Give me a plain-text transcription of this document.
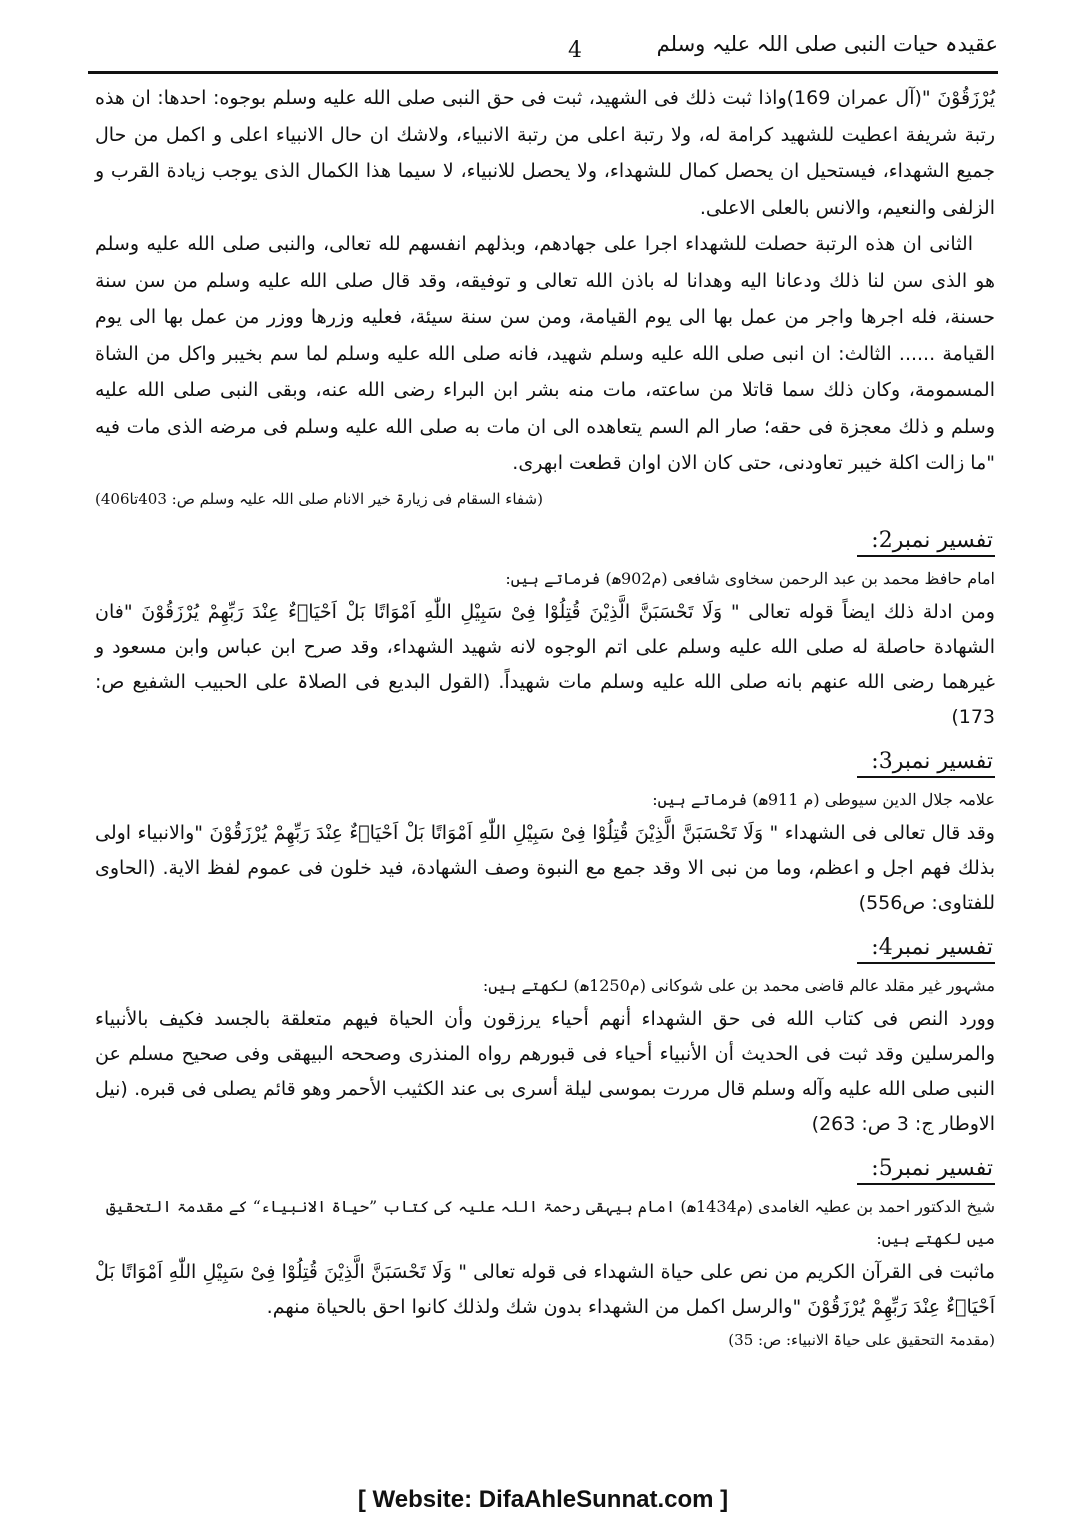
عقیدہ حیات النبی صلی اللہ علیہ وسلم
4

یُرْزَقُوْنَ "(آل عمران 169)واذا ثبت ذلك فی الشهید، ثبت فی حق النبی صلی الله علیه وسلم بوجوه: احدها: ان هذه رتبة شریفة اعطیت للشهید کرامة له، ولا رتبة اعلى من رتبة الانبیاء، ولاشك ان حال الانبیاء اعلى و اکمل من حال جمیع الشهداء، فیستحیل ان یحصل کمال للشهداء، ولا یحصل للانبیاء، لا سیما هذا الکمال الذی یوجب زیادة القرب و الزلفى والنعیم، والانس بالعلی الاعلی.

الثانی ان هذه الرتبة حصلت للشهداء اجرا على جهادهم، وبذلهم انفسهم لله تعالى، والنبی صلی الله علیه وسلم هو الذی سن لنا ذلك ودعانا الیه وهدانا له باذن الله تعالى و توفیقه، وقد قال صلی الله علیه وسلم من سن سنة حسنة، فله اجرها واجر من عمل بها الى یوم القیامة، ومن سن سنة سیئة، فعلیه وزرها ووزر من عمل بها الى یوم القیامة ...... الثالث: ان انبی صلی الله علیه وسلم شهید، فانه صلی الله علیه وسلم لما سم بخیبر واکل من الشاة المسمومة، وکان ذلك سما قاتلا من ساعته، مات منه بشر ابن البراء رضی الله عنه، وبقی النبی صلی الله علیه وسلم و ذلك معجزة فی حقه؛ صار الم السم یتعاهده الى ان مات به صلی الله علیه وسلم فی مرضه الذی مات فیه "ما زالت اکلة خیبر تعاودنی، حتى کان الان اوان قطعت ابهری.

(شفاء السقام فی زیارۃ خیر الانام صلی اللہ علیہ وسلم ص: 403تا406)

تفسیر نمبر2:

امام حافظ محمد بن عبد الرحمن سخاوی شافعی (م902ھ) فرماتے ہیں:

ومن ادلة ذلك ایضاً قوله تعالى " وَلَا تَحْسَبَنَّ الَّذِیْنَ قُتِلُوْا فِیْ سَبِیْلِ اللّٰهِ اَمْوَاتًا بَلْ اَحْیَاۗءٌ عِنْدَ رَبِّهِمْ یُرْزَقُوْنَ "فان الشهادة حاصلة له صلی الله علیه وسلم على اتم الوجوه لانه شهید الشهداء، وقد صرح ابن عباس وابن مسعود و غیرهما رضی الله عنهم بانه صلی الله علیه وسلم مات شهیداً. (القول البدیع فی الصلاۃ علی الحبیب الشفیع ص: 173)

تفسیر نمبر3:

علامہ جلال الدین سیوطی (م 911ھ) فرماتے ہیں:

وقد قال تعالى فی الشهداء " وَلَا تَحْسَبَنَّ الَّذِیْنَ قُتِلُوْا فِیْ سَبِیْلِ اللّٰهِ اَمْوَاتًا بَلْ اَحْیَاۗءٌ عِنْدَ رَبِّهِمْ یُرْزَقُوْنَ "والانبیاء اولى بذلك فهم اجل و اعظم، وما من نبی الا وقد جمع مع النبوة وصف الشهادة، فید خلون فی عموم لفظ الایة. (الحاوی للفتاوی: ص556)

تفسیر نمبر4:

مشہور غیر مقلد عالم قاضی محمد بن علی شوکانی (م1250ھ) لکھتے ہیں:

وورد النص فی کتاب الله فی حق الشهداء أنهم أحیاء یرزقون وأن الحیاة فیهم متعلقة بالجسد فکیف بالأنبیاء والمرسلین وقد ثبت فی الحدیث أن الأنبیاء أحیاء فی قبورهم رواه المنذری وصححه البیهقی وفی صحیح مسلم عن النبی صلی الله علیه وآله وسلم قال مررت بموسى لیلة أسری بی عند الکثیب الأحمر وهو قائم یصلی فی قبره. (نیل الاوطار ج: 3 ص: 263)

تفسیر نمبر5:

شیخ الدکتور احمد بن عطیہ الغامدی (م1434ھ) امام بیہقی رحمۃ اللہ علیہ کی کتاب ”حیاۃ الانبیاء“ کے مقدمۃ التحقیق میں لکھتے ہیں:

ماثبت فی القرآن الکریم من نص على حیاة الشهداء فی قوله تعالى " وَلَا تَحْسَبَنَّ الَّذِیْنَ قُتِلُوْا فِیْ سَبِیْلِ اللّٰهِ اَمْوَاتًا بَلْ اَحْیَاۗءٌ عِنْدَ رَبِّهِمْ یُرْزَقُوْنَ "والرسل اکمل من الشهداء بدون شك ولذلك کانوا احق بالحیاة منهم.

(مقدمۃ التحقیق علی حیاۃ الانبیاء: ص: 35)

[ Website: DifaAhleSunnat.com ]
